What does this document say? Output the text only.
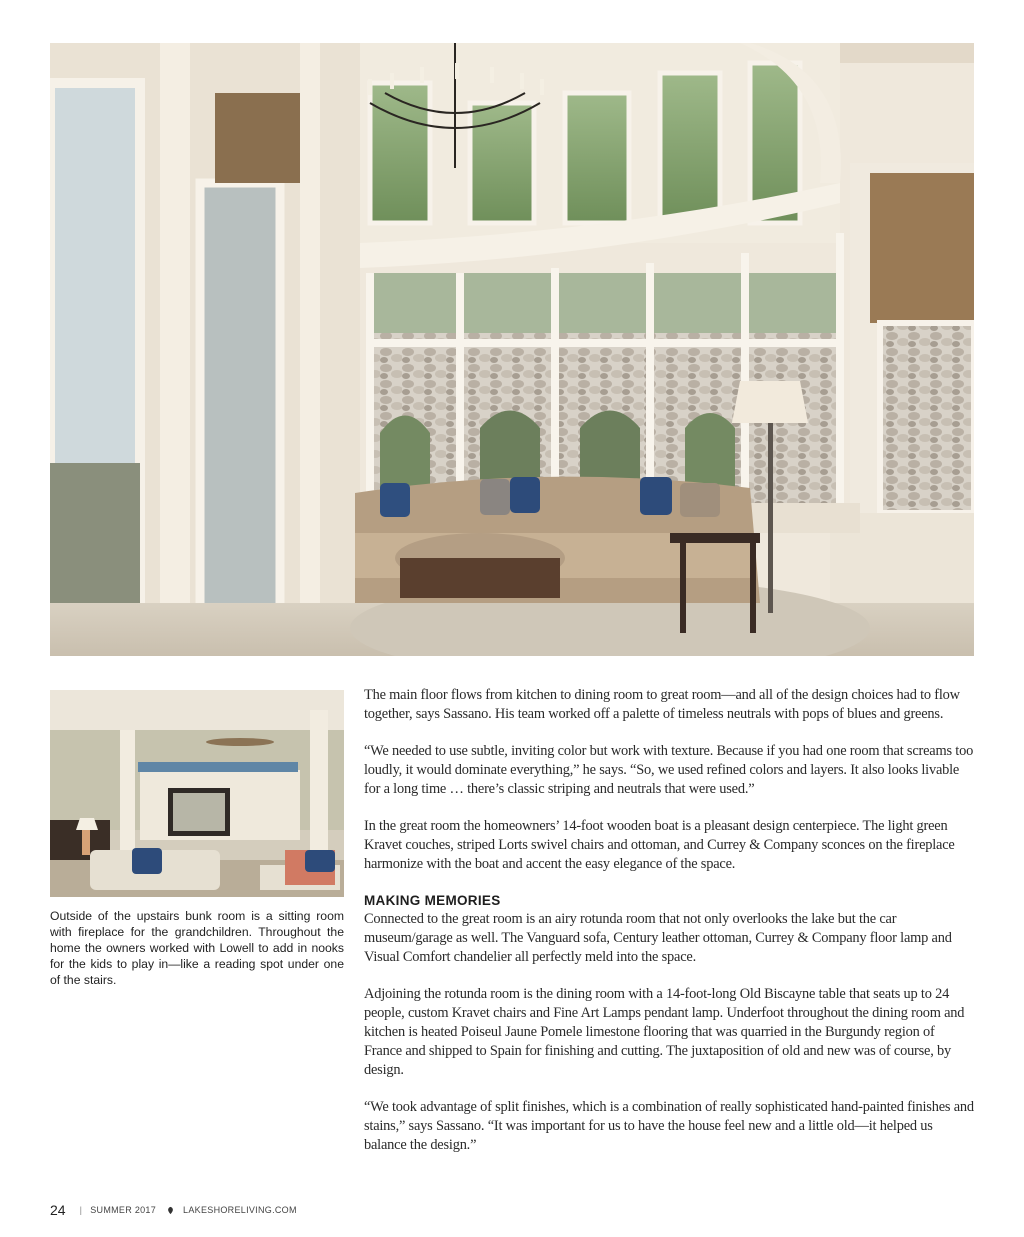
Outside of the upstairs bunk room is a sitting room with fireplace for the grandchildren. Throughout the home the owners worked with Lowell to add in nooks for the kids to play in—like a reading spot under one of the stairs.

The main floor flows from kitchen to dining room to great room—and all of the design choices had to flow together, says Sassano. His team worked off a palette of timeless neutrals with pops of blues and greens.

“We needed to use subtle, inviting color but work with texture. Because if you had one room that screams too loudly, it would dominate everything,” he says. “So, we used refined colors and layers. It also looks livable for a long time … there’s classic striping and neutrals that were used.”

In the great room the homeowners’ 14-foot wooden boat is a pleasant design centerpiece. The light green Kravet couches, striped Lorts swivel chairs and ottoman, and Currey & Company sconces on the fireplace harmonize with the boat and accent the easy elegance of the space.

MAKING MEMORIES

Connected to the great room is an airy rotunda room that not only overlooks the lake but the car museum/garage as well. The Vanguard sofa, Century leather ottoman, Currey & Company floor lamp and Visual Comfort chandelier all perfectly meld into the space.

Adjoining the rotunda room is the dining room with a 14-foot-long Old Biscayne table that seats up to 24 people, custom Kravet chairs and Fine Art Lamps pendant lamp. Underfoot throughout the dining room and kitchen is heated Poiseul Jaune Pomele limestone flooring that was quarried in the Burgundy region of France and shipped to Spain for finishing and cutting. The juxtaposition of old and new was of course, by design.

“We took advantage of split finishes, which is a combination of really sophisticated hand-painted finishes and stains,” says Sassano. “It was important for us to have the house feel new and a little old—it helped us balance the design.”

24 | SUMMER 2017	LAKESHORELIVING.COM
